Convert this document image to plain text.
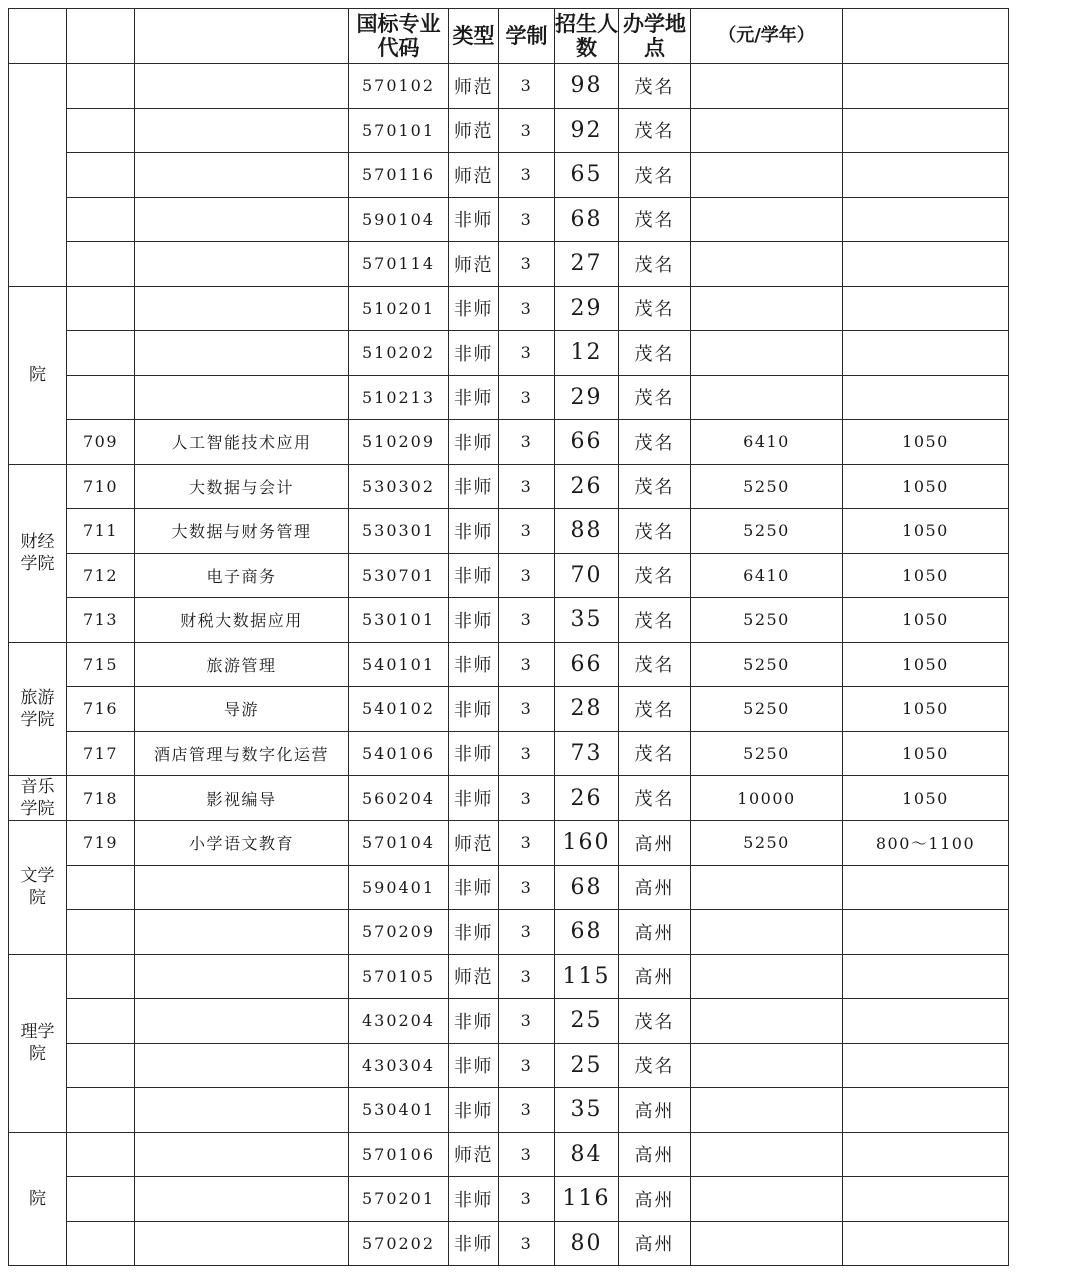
			国标专业代码	类型	学制	招生人数	办学地点	（元/学年）	
			570102	师范	3	98	茂名		
			570101	师范	3	92	茂名		
			570116	师范	3	65	茂名		
			590104	非师	3	68	茂名		
			570114	师范	3	27	茂名		
院			510201	非师	3	29	茂名		
			510202	非师	3	12	茂名		
			510213	非师	3	29	茂名		
	709	人工智能技术应用	510209	非师	3	66	茂名	6410	1050
财经学院	710	大数据与会计	530302	非师	3	26	茂名	5250	1050
	711	大数据与财务管理	530301	非师	3	88	茂名	5250	1050
	712	电子商务	530701	非师	3	70	茂名	6410	1050
	713	财税大数据应用	530101	非师	3	35	茂名	5250	1050
旅游学院	715	旅游管理	540101	非师	3	66	茂名	5250	1050
	716	导游	540102	非师	3	28	茂名	5250	1050
	717	酒店管理与数字化运营	540106	非师	3	73	茂名	5250	1050
音乐学院	718	影视编导	560204	非师	3	26	茂名	10000	1050
文学院	719	小学语文教育	570104	师范	3	160	高州	5250	800～1100
			590401	非师	3	68	高州		
			570209	非师	3	68	高州		
理学院			570105	师范	3	115	高州		
			430204	非师	3	25	茂名		
			430304	非师	3	25	茂名		
			530401	非师	3	35	高州		
院			570106	师范	3	84	高州		
			570201	非师	3	116	高州		
			570202	非师	3	80	高州		
